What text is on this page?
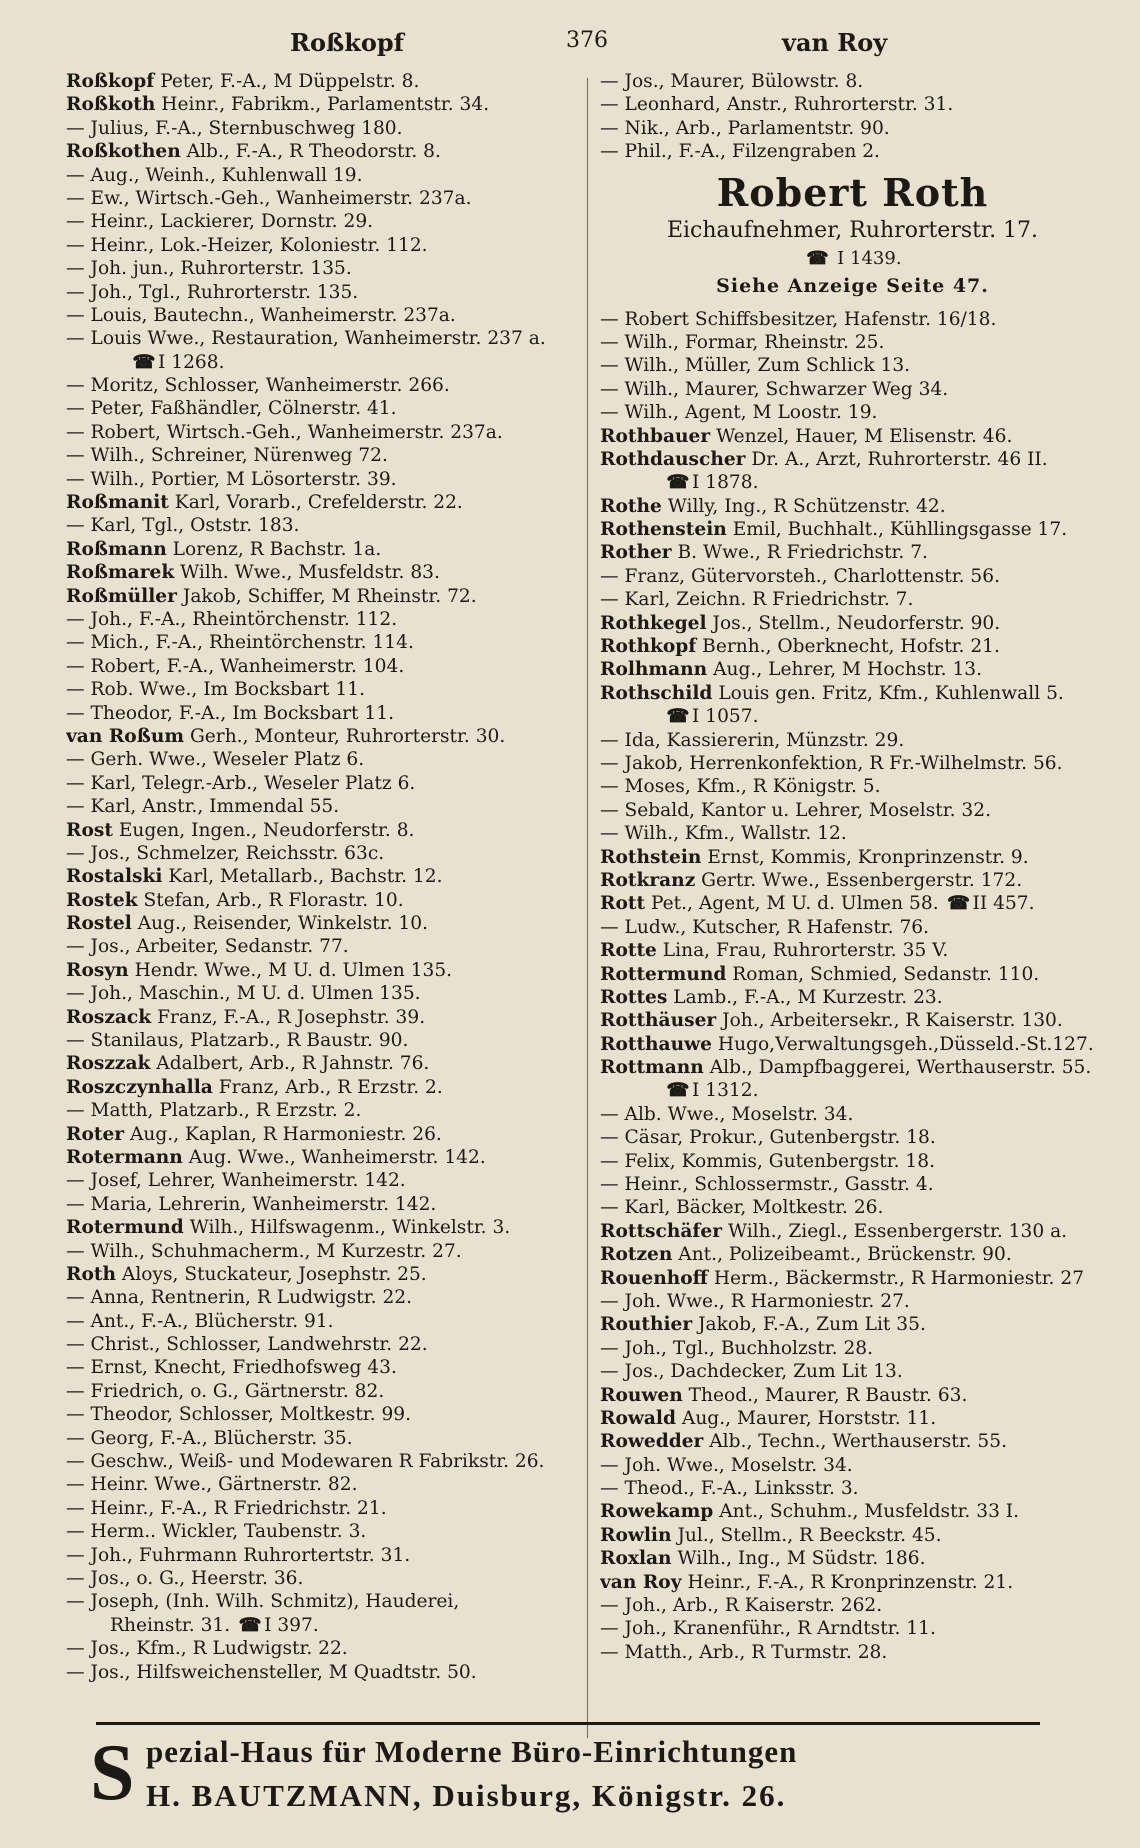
Roßkopf	376	van Roy
Roßkopf Peter, F.-A., M Düppelstr. 8.
Roßkoth Heinr., Fabrikm., Parlamentstr. 34.
— Julius, F.-A., Sternbuschweg 180.
Roßkothen Alb., F.-A., R Theodorstr. 8.
— Aug., Weinh., Kuhlenwall 19.
— Ew., Wirtsch.-Geh., Wanheimerstr. 237a.
— Heinr., Lackierer, Dornstr. 29.
— Heinr., Lok.-Heizer, Koloniestr. 112.
— Joh. jun., Ruhrorterstr. 135.
— Joh., Tgl., Ruhrorterstr. 135.
— Louis, Bautechn., Wanheimerstr. 237a.
— Louis Wwe., Restauration, Wanheimerstr. 237 a.
☎ I 1268.
— Moritz, Schlosser, Wanheimerstr. 266.
— Peter, Faßhändler, Cölnerstr. 41.
— Robert, Wirtsch.-Geh., Wanheimerstr. 237a.
— Wilh., Schreiner, Nürenweg 72.
— Wilh., Portier, M Lösorterstr. 39.
Roßmanit Karl, Vorarb., Crefelderstr. 22.
— Karl, Tgl., Oststr. 183.
Roßmann Lorenz, R Bachstr. 1a.
Roßmarek Wilh. Wwe., Musfeldstr. 83.
Roßmüller Jakob, Schiffer, M Rheinstr. 72.
— Joh., F.-A., Rheintörchenstr. 112.
— Mich., F.-A., Rheintörchenstr. 114.
— Robert, F.-A., Wanheimerstr. 104.
— Rob. Wwe., Im Bocksbart 11.
— Theodor, F.-A., Im Bocksbart 11.
van Roßum Gerh., Monteur, Ruhrorterstr. 30.
— Gerh. Wwe., Weseler Platz 6.
— Karl, Telegr.-Arb., Weseler Platz 6.
— Karl, Anstr., Immendal 55.
Rost Eugen, Ingen., Neudorferstr. 8.
— Jos., Schmelzer, Reichsstr. 63c.
Rostalski Karl, Metallarb., Bachstr. 12.
Rostek Stefan, Arb., R Florastr. 10.
Rostel Aug., Reisender, Winkelstr. 10.
— Jos., Arbeiter, Sedanstr. 77.
Rosyn Hendr. Wwe., M U. d. Ulmen 135.
— Joh., Maschin., M U. d. Ulmen 135.
Roszack Franz, F.-A., R Josephstr. 39.
— Stanilaus, Platzarb., R Baustr. 90.
Roszzak Adalbert, Arb., R Jahnstr. 76.
Roszczynhalla Franz, Arb., R Erzstr. 2.
— Matth, Platzarb., R Erzstr. 2.
Roter Aug., Kaplan, R Harmoniestr. 26.
Rotermann Aug. Wwe., Wanheimerstr. 142.
— Josef, Lehrer, Wanheimerstr. 142.
— Maria, Lehrerin, Wanheimerstr. 142.
Rotermund Wilh., Hilfswagenm., Winkelstr. 3.
— Wilh., Schuhmacherm., M Kurzestr. 27.
Roth Aloys, Stuckateur, Josephstr. 25.
— Anna, Rentnerin, R Ludwigstr. 22.
— Ant., F.-A., Blücherstr. 91.
— Christ., Schlosser, Landwehrstr. 22.
— Ernst, Knecht, Friedhofsweg 43.
— Friedrich, o. G., Gärtnerstr. 82.
— Theodor, Schlosser, Moltkestr. 99.
— Georg, F.-A., Blücherstr. 35.
— Geschw., Weiß- und Modewaren R Fabrikstr. 26.
— Heinr. Wwe., Gärtnerstr. 82.
— Heinr., F.-A., R Friedrichstr. 21.
— Herm.. Wickler, Taubenstr. 3.
— Joh., Fuhrmann Ruhrortertstr. 31.
— Jos., o. G., Heerstr. 36.
— Joseph, (Inh. Wilh. Schmitz), Hauderei,
Rheinstr. 31. ☎ I 397.
— Jos., Kfm., R Ludwigstr. 22.
— Jos., Hilfsweichensteller, M Quadtstr. 50.
— Jos., Maurer, Bülowstr. 8.
— Leonhard, Anstr., Ruhrorterstr. 31.
— Nik., Arb., Parlamentstr. 90.
— Phil., F.-A., Filzengraben 2.
Robert Roth
Eichaufnehmer, Ruhrorterstr. 17.
☎ I 1439.
Siehe Anzeige Seite 47.
— Robert Schiffsbesitzer, Hafenstr. 16/18.
— Wilh., Formar, Rheinstr. 25.
— Wilh., Müller, Zum Schlick 13.
— Wilh., Maurer, Schwarzer Weg 34.
— Wilh., Agent, M Loostr. 19.
Rothbauer Wenzel, Hauer, M Elisenstr. 46.
Rothdauscher Dr. A., Arzt, Ruhrorterstr. 46 II.
☎ I 1878.
Rothe Willy, Ing., R Schützenstr. 42.
Rothenstein Emil, Buchhalt., Kühllingsgasse 17.
Rother B. Wwe., R Friedrichstr. 7.
— Franz, Gütervorsteh., Charlottenstr. 56.
— Karl, Zeichn. R Friedrichstr. 7.
Rothkegel Jos., Stellm., Neudorferstr. 90.
Rothkopf Bernh., Oberknecht, Hofstr. 21.
Rolhmann Aug., Lehrer, M Hochstr. 13.
Rothschild Louis gen. Fritz, Kfm., Kuhlenwall 5.
☎ I 1057.
— Ida, Kassiererin, Münzstr. 29.
— Jakob, Herrenkonfektion, R Fr.-Wilhelmstr. 56.
— Moses, Kfm., R Königstr. 5.
— Sebald, Kantor u. Lehrer, Moselstr. 32.
— Wilh., Kfm., Wallstr. 12.
Rothstein Ernst, Kommis, Kronprinzenstr. 9.
Rotkranz Gertr. Wwe., Essenbergerstr. 172.
Rott Pet., Agent, M U. d. Ulmen 58. ☎ II 457.
— Ludw., Kutscher, R Hafenstr. 76.
Rotte Lina, Frau, Ruhrorterstr. 35 V.
Rottermund Roman, Schmied, Sedanstr. 110.
Rottes Lamb., F.-A., M Kurzestr. 23.
Rotthäuser Joh., Arbeitersekr., R Kaiserstr. 130.
Rotthauwe Hugo,Verwaltungsgeh.,Düsseld.-St.127.
Rottmann Alb., Dampfbaggerei, Werthauserstr. 55.
☎ I 1312.
— Alb. Wwe., Moselstr. 34.
— Cäsar, Prokur., Gutenbergstr. 18.
— Felix, Kommis, Gutenbergstr. 18.
— Heinr., Schlossermstr., Gasstr. 4.
— Karl, Bäcker, Moltkestr. 26.
Rottschäfer Wilh., Ziegl., Essenbergerstr. 130 a.
Rotzen Ant., Polizeibeamt., Brückenstr. 90.
Rouenhoff Herm., Bäckermstr., R Harmoniestr. 27
— Joh. Wwe., R Harmoniestr. 27.
Routhier Jakob, F.-A., Zum Lit 35.
— Joh., Tgl., Buchholzstr. 28.
— Jos., Dachdecker, Zum Lit 13.
Rouwen Theod., Maurer, R Baustr. 63.
Rowald Aug., Maurer, Horststr. 11.
Rowedder Alb., Techn., Werthauserstr. 55.
— Joh. Wwe., Moselstr. 34.
— Theod., F.-A., Linksstr. 3.
Rowekamp Ant., Schuhm., Musfeldstr. 33 I.
Rowlin Jul., Stellm., R Beeckstr. 45.
Roxlan Wilh., Ing., M Südstr. 186.
van Roy Heinr., F.-A., R Kronprinzenstr. 21.
— Joh., Arb., R Kaiserstr. 262.
— Joh., Kranenführ., R Arndtstr. 11.
— Matth., Arb., R Turmstr. 28.
S pezial-Haus für Moderne Büro-Einrichtungen
H. BAUTZMANN, Duisburg, Königstr. 26.
